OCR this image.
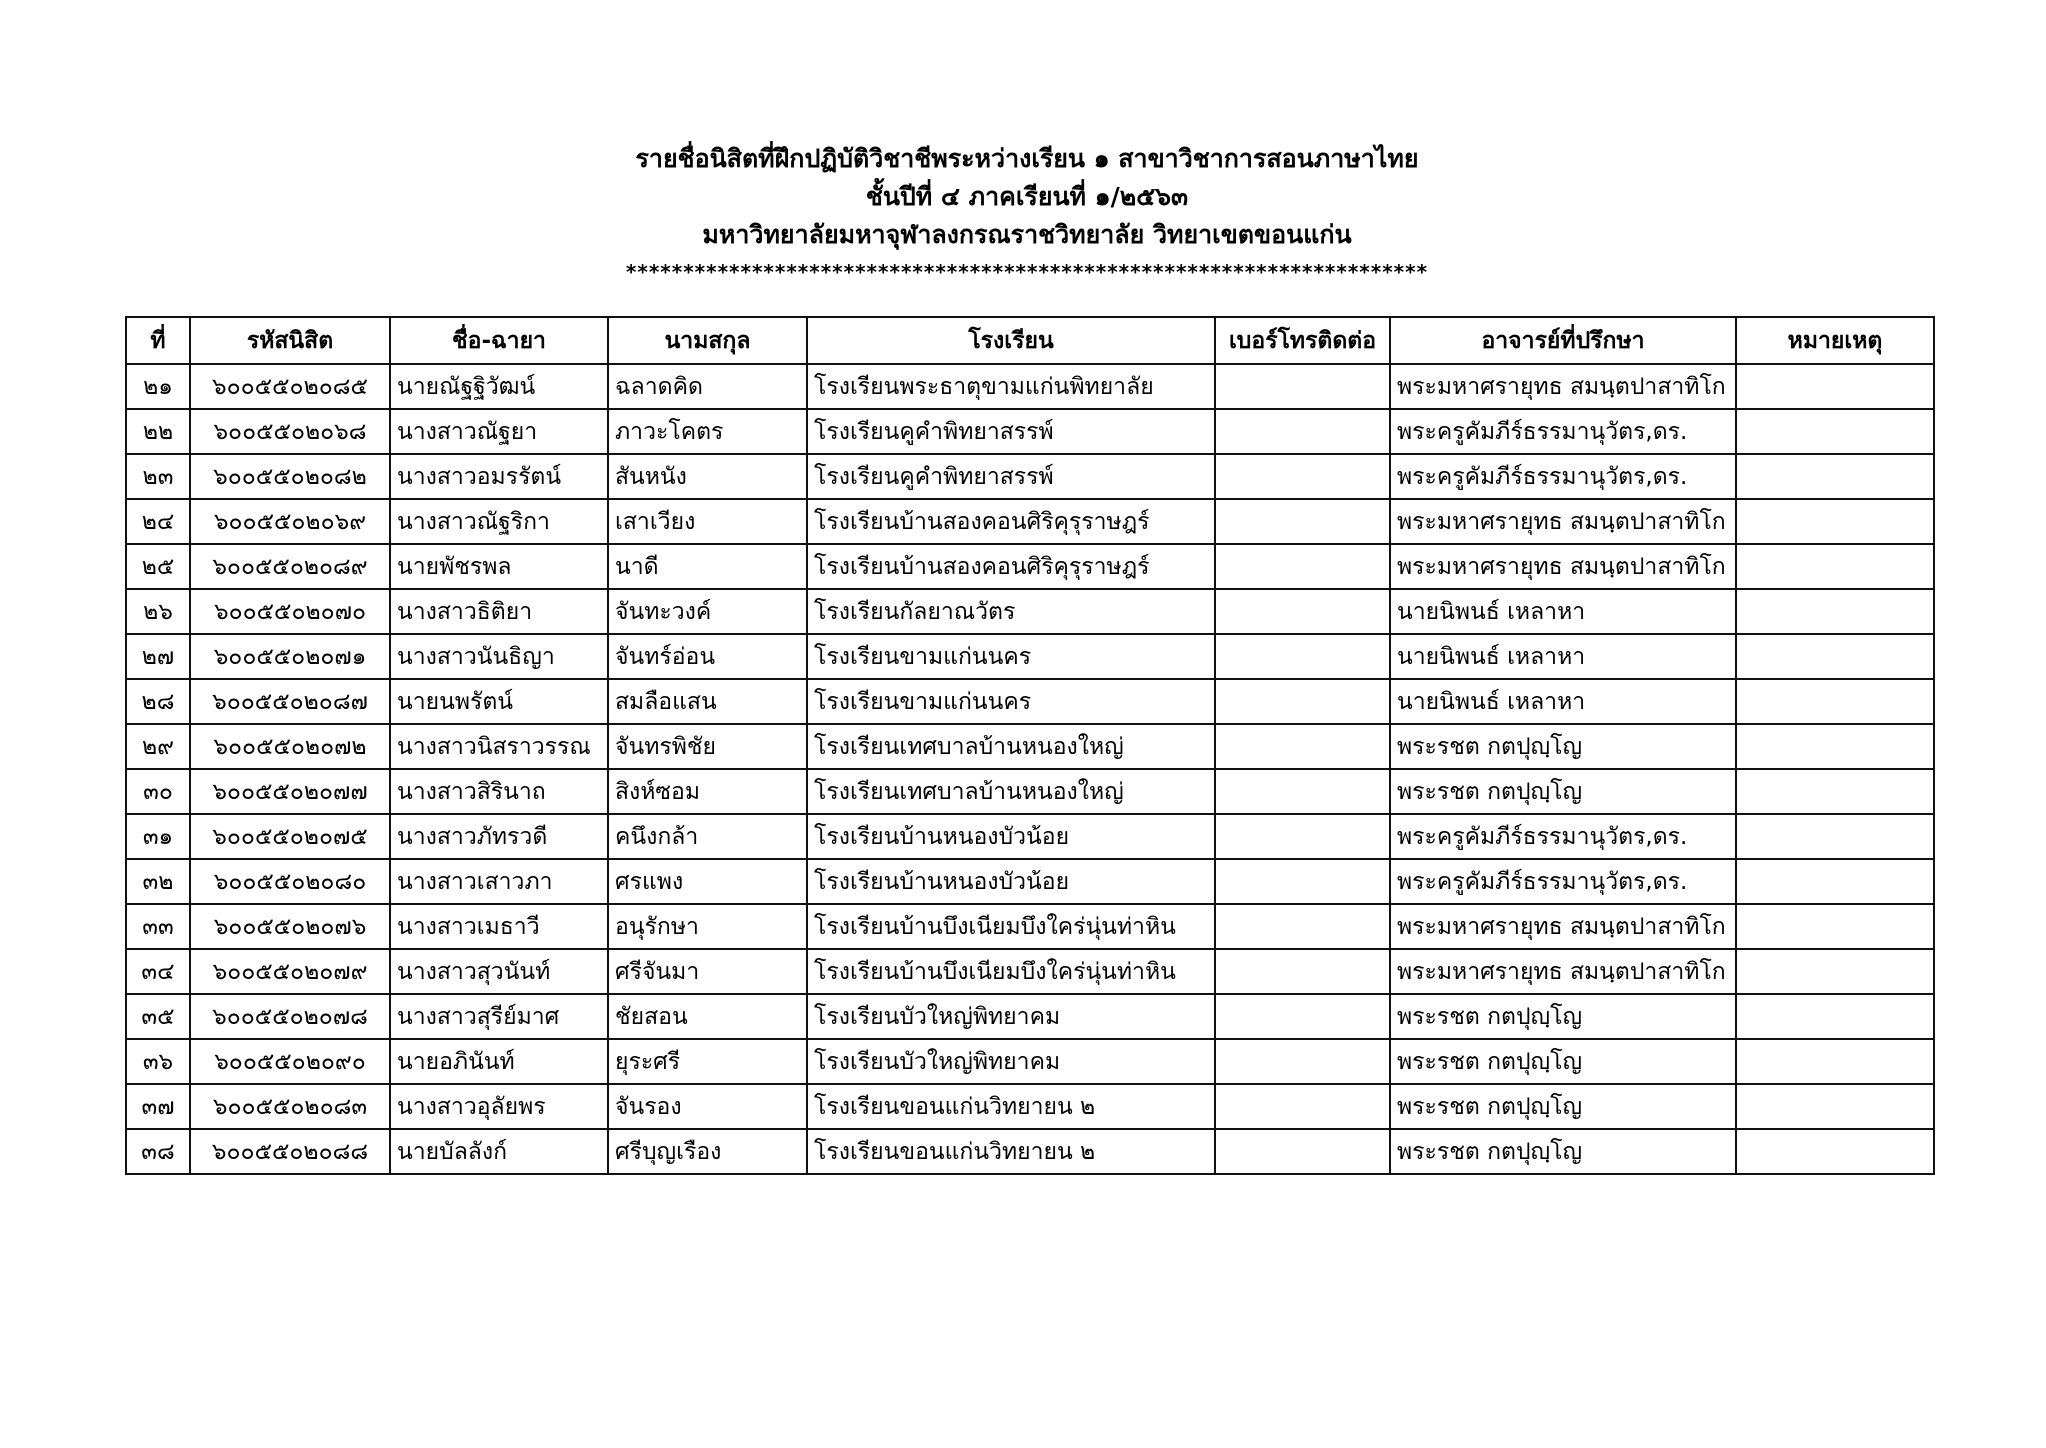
รายชื่อนิสิตที่ฝึกปฏิบัติวิชาชีพระหว่างเรียน ๑ สาขาวิชาการสอนภาษาไทย
ชั้นปีที่ ๔ ภาคเรียนที่ ๑/๒๕๖๓
มหาวิทยาลัยมหาจุฬาลงกรณราชวิทยาลัย วิทยาเขตขอนแก่น
**********************************************************************
ที่	รหัสนิสิต	ชื่อ-ฉายา	นามสกุล	โรงเรียน	เบอร์โทรติดต่อ	อาจารย์ที่ปรึกษา	หมายเหตุ
๒๑	๖๐๐๕๕๐๒๐๘๕	นายณัฐฐิวัฒน์	ฉลาดคิด	โรงเรียนพระธาตุขามแก่นพิทยาลัย		พระมหาศรายุทธ สมนฺตปาสาทิโก	
๒๒	๖๐๐๕๕๐๒๐๖๘	นางสาวณัฐยา	ภาวะโคตร	โรงเรียนคูคำพิทยาสรรพ์		พระครูคัมภีร์ธรรมานุวัตร,ดร.	
๒๓	๖๐๐๕๕๐๒๐๘๒	นางสาวอมรรัตน์	สันหนัง	โรงเรียนคูคำพิทยาสรรพ์		พระครูคัมภีร์ธรรมานุวัตร,ดร.	
๒๔	๖๐๐๕๕๐๒๐๖๙	นางสาวณัฐริกา	เสาเวียง	โรงเรียนบ้านสองคอนศิริคุรุราษฎร์		พระมหาศรายุทธ สมนฺตปาสาทิโก	
๒๕	๖๐๐๕๕๐๒๐๘๙	นายพัชรพล	นาดี	โรงเรียนบ้านสองคอนศิริคุรุราษฎร์		พระมหาศรายุทธ สมนฺตปาสาทิโก	
๒๖	๖๐๐๕๕๐๒๐๗๐	นางสาวธิติยา	จันทะวงค์	โรงเรียนกัลยาณวัตร		นายนิพนธ์ เหลาหา	
๒๗	๖๐๐๕๕๐๒๐๗๑	นางสาวนันธิญา	จันทร์อ่อน	โรงเรียนขามแก่นนคร		นายนิพนธ์ เหลาหา	
๒๘	๖๐๐๕๕๐๒๐๘๗	นายนพรัตน์	สมลือแสน	โรงเรียนขามแก่นนคร		นายนิพนธ์ เหลาหา	
๒๙	๖๐๐๕๕๐๒๐๗๒	นางสาวนิสราวรรณ	จันทรพิชัย	โรงเรียนเทศบาลบ้านหนองใหญ่		พระรชต กตปุญฺโญ	
๓๐	๖๐๐๕๕๐๒๐๗๗	นางสาวสิรินาถ	สิงห์ซอม	โรงเรียนเทศบาลบ้านหนองใหญ่		พระรชต กตปุญฺโญ	
๓๑	๖๐๐๕๕๐๒๐๗๕	นางสาวภัทรวดี	คนึงกล้า	โรงเรียนบ้านหนองบัวน้อย		พระครูคัมภีร์ธรรมานุวัตร,ดร.	
๓๒	๖๐๐๕๕๐๒๐๘๐	นางสาวเสาวภา	ศรแพง	โรงเรียนบ้านหนองบัวน้อย		พระครูคัมภีร์ธรรมานุวัตร,ดร.	
๓๓	๖๐๐๕๕๐๒๐๗๖	นางสาวเมธาวี	อนุรักษา	โรงเรียนบ้านบึงเนียมบึงใคร่นุ่นท่าหิน		พระมหาศรายุทธ สมนฺตปาสาทิโก	
๓๔	๖๐๐๕๕๐๒๐๗๙	นางสาวสุวนันท์	ศรีจันมา	โรงเรียนบ้านบึงเนียมบึงใคร่นุ่นท่าหิน		พระมหาศรายุทธ สมนฺตปาสาทิโก	
๓๕	๖๐๐๕๕๐๒๐๗๘	นางสาวสุรีย์มาศ	ชัยสอน	โรงเรียนบัวใหญ่พิทยาคม		พระรชต กตปุญฺโญ	
๓๖	๖๐๐๕๕๐๒๐๙๐	นายอภินันท์	ยุระศรี	โรงเรียนบัวใหญ่พิทยาคม		พระรชต กตปุญฺโญ	
๓๗	๖๐๐๕๕๐๒๐๘๓	นางสาวอุลัยพร	จันรอง	โรงเรียนขอนแก่นวิทยายน ๒		พระรชต กตปุญฺโญ	
๓๘	๖๐๐๕๕๐๒๐๘๘	นายบัลลังก์	ศรีบุญเรือง	โรงเรียนขอนแก่นวิทยายน ๒		พระรชต กตปุญฺโญ	
